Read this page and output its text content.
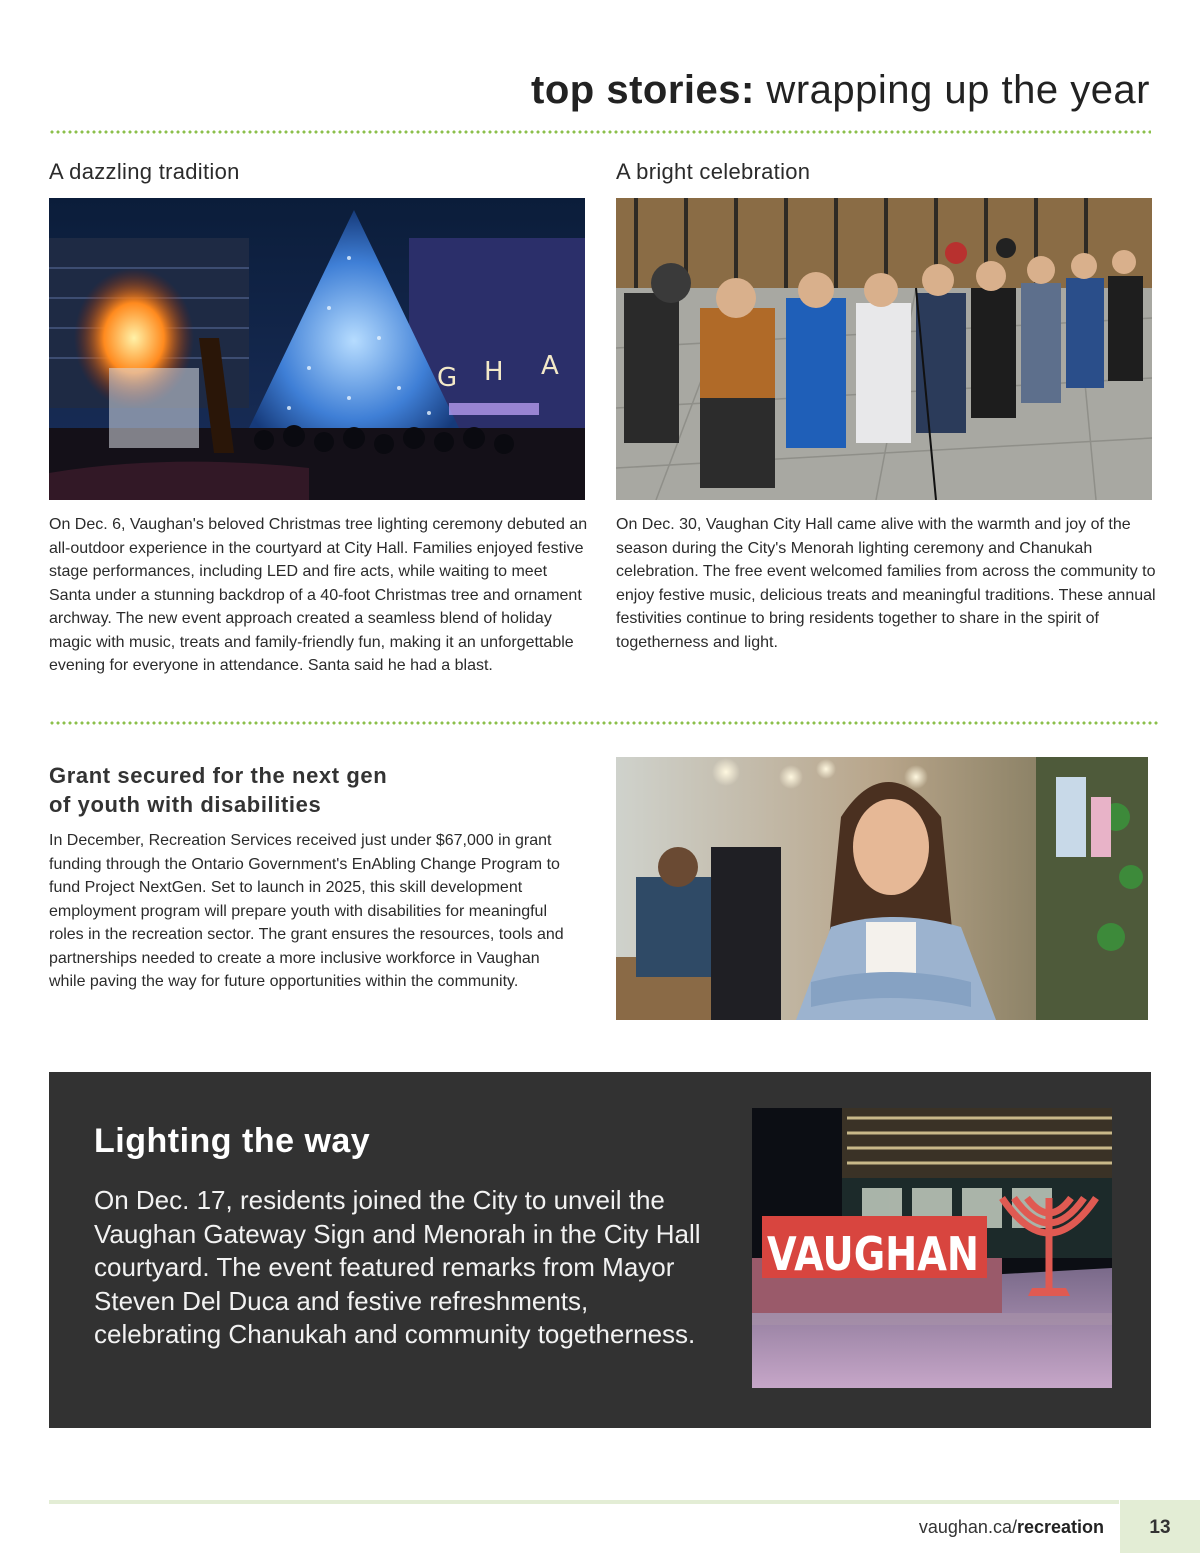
top stories: wrapping up the year
A dazzling tradition
G H A

On Dec. 6, Vaughan's beloved Christmas tree lighting ceremony debuted an all-outdoor experience in the courtyard at City Hall. Families enjoyed festive stage performances, including LED and fire acts, while waiting to meet Santa under a stunning backdrop of a 40-foot Christmas tree and ornament archway. The new event approach created a seamless blend of holiday magic with music, treats and family-friendly fun, making it an unforgettable evening for everyone in attendance. Santa said he had a blast.

A bright celebration

On Dec. 30, Vaughan City Hall came alive with the warmth and joy of the season during the City's Menorah lighting ceremony and Chanukah celebration. The free event welcomed families from across the community to enjoy festive music, delicious treats and meaningful traditions. These annual festivities continue to bring residents together to share in the spirit of togetherness and light.

Grant secured for the next gen
of youth with disabilities

In December, Recreation Services received just under $67,000 in grant funding through the Ontario Government's EnAbling Change Program to fund Project NextGen. Set to launch in 2025, this skill development employment program will prepare youth with disabilities for meaningful roles in the recreation sector. The grant ensures the resources, tools and partnerships needed to create a more inclusive workforce in Vaughan while paving the way for future opportunities within the community.

Lighting the way

On Dec. 17, residents joined the City to unveil the Vaughan Gateway Sign and Menorah in the City Hall courtyard. The event featured remarks from Mayor Steven Del Duca and festive refreshments, celebrating Chanukah and community togetherness.

VAUGHAN
vaughan.ca/recreation	13
